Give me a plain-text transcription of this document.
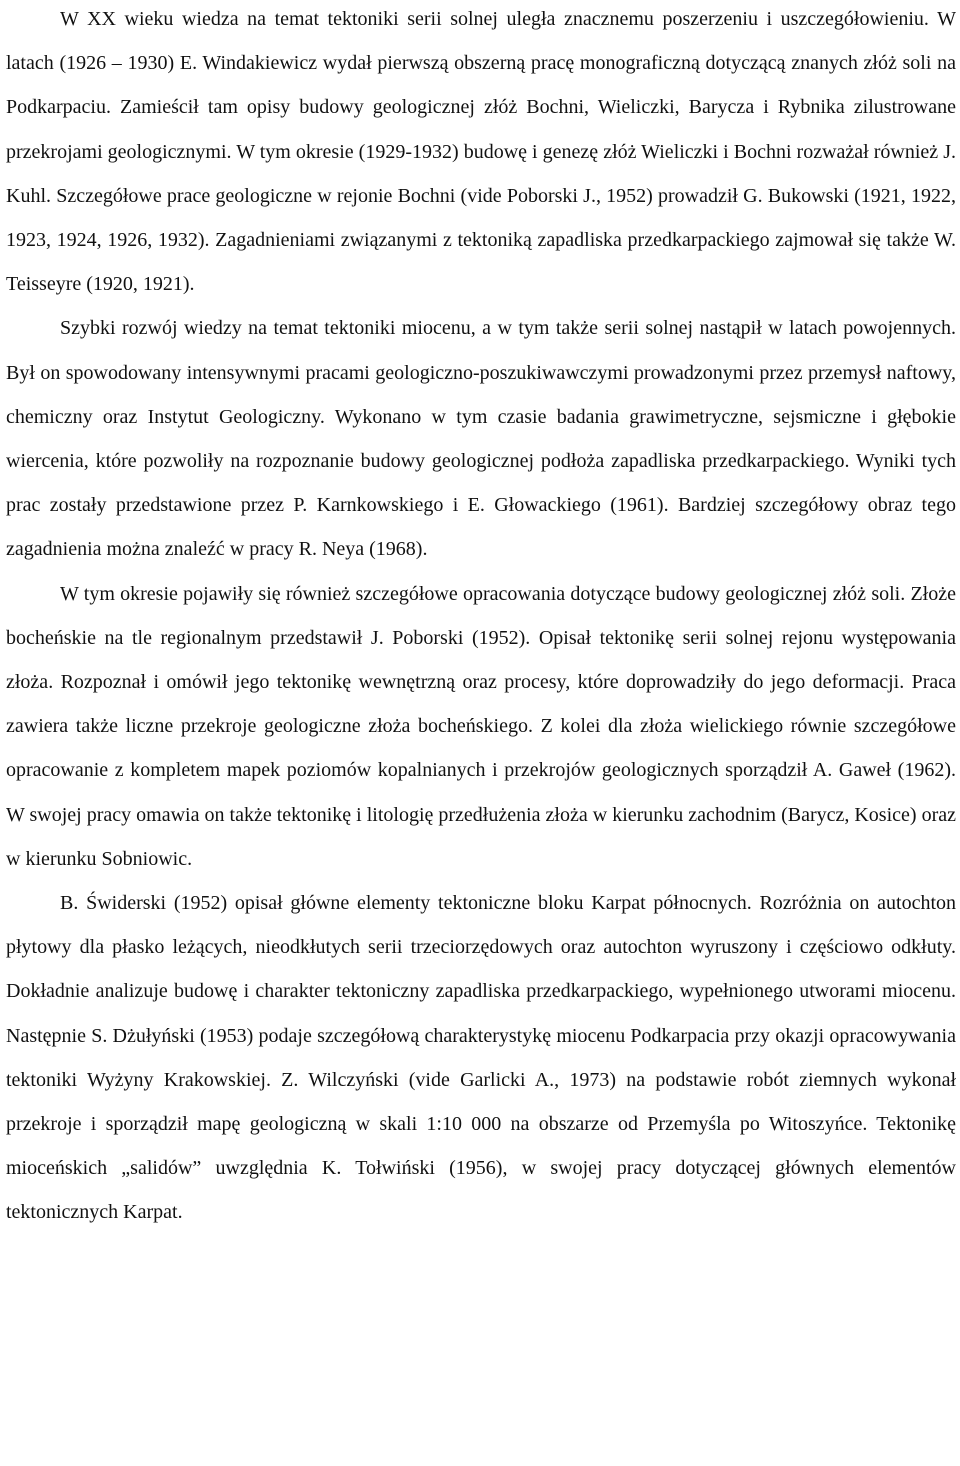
W XX wieku wiedza na temat tektoniki serii solnej uległa znacznemu poszerzeniu i uszczegółowieniu. W latach (1926 – 1930) E. Windakiewicz wydał pierwszą obszerną pracę monograficzną dotyczącą znanych złóż soli na Podkarpaciu. Zamieścił tam opisy budowy geologicznej złóż Bochni, Wieliczki, Barycza i Rybnika zilustrowane przekrojami geologicznymi. W tym okresie (1929-1932) budowę i genezę złóż Wieliczki i Bochni rozważał również J. Kuhl. Szczegółowe prace geologiczne w rejonie Bochni (vide Poborski J., 1952) prowadził G. Bukowski (1921, 1922, 1923, 1924, 1926, 1932). Zagadnieniami związanymi z tektoniką zapadliska przedkarpackiego zajmował się także W. Teisseyre (1920, 1921).

Szybki rozwój wiedzy na temat tektoniki miocenu, a w tym także serii solnej nastąpił w latach powojennych. Był on spowodowany intensywnymi pracami geologiczno-poszukiwawczymi prowadzonymi przez przemysł naftowy, chemiczny oraz Instytut Geologiczny. Wykonano w tym czasie badania grawimetryczne, sejsmiczne i głębokie wiercenia, które pozwoliły na rozpoznanie budowy geologicznej podłoża zapadliska przedkarpackiego. Wyniki tych prac zostały przedstawione przez P. Karnkowskiego i E. Głowackiego (1961). Bardziej szczegółowy obraz tego zagadnienia można znaleźć w pracy R. Neya (1968).

W tym okresie pojawiły się również szczegółowe opracowania dotyczące budowy geologicznej złóż soli. Złoże bocheńskie na tle regionalnym przedstawił J. Poborski (1952). Opisał tektonikę serii solnej rejonu występowania złoża. Rozpoznał i omówił jego tektonikę wewnętrzną oraz procesy, które doprowadziły do jego deformacji. Praca zawiera także liczne przekroje geologiczne złoża bocheńskiego. Z kolei dla złoża wielickiego równie szczegółowe opracowanie z kompletem mapek poziomów kopalnianych i przekrojów geologicznych sporządził A. Gaweł (1962). W swojej pracy omawia on także tektonikę i litologię przedłużenia złoża w kierunku zachodnim (Barycz, Kosice) oraz w kierunku Sobniowic.

B. Świderski (1952) opisał główne elementy tektoniczne bloku Karpat północnych. Rozróżnia on autochton płytowy dla płasko leżących, nieodkłutych serii trzeciorzędowych oraz autochton wyruszony i częściowo odkłuty. Dokładnie analizuje budowę i charakter tektoniczny zapadliska przedkarpackiego, wypełnionego utworami miocenu. Następnie S. Dżułyński (1953) podaje szczegółową charakterystykę miocenu Podkarpacia przy okazji opracowywania tektoniki Wyżyny Krakowskiej. Z. Wilczyński (vide Garlicki A., 1973) na podstawie robót ziemnych wykonał przekroje i sporządził mapę geologiczną w skali 1:10 000 na obszarze od Przemyśla po Witoszyńce. Tektonikę mioceńskich „salidów” uwzględnia K. Tołwiński (1956), w swojej pracy dotyczącej głównych elementów tektonicznych Karpat.
